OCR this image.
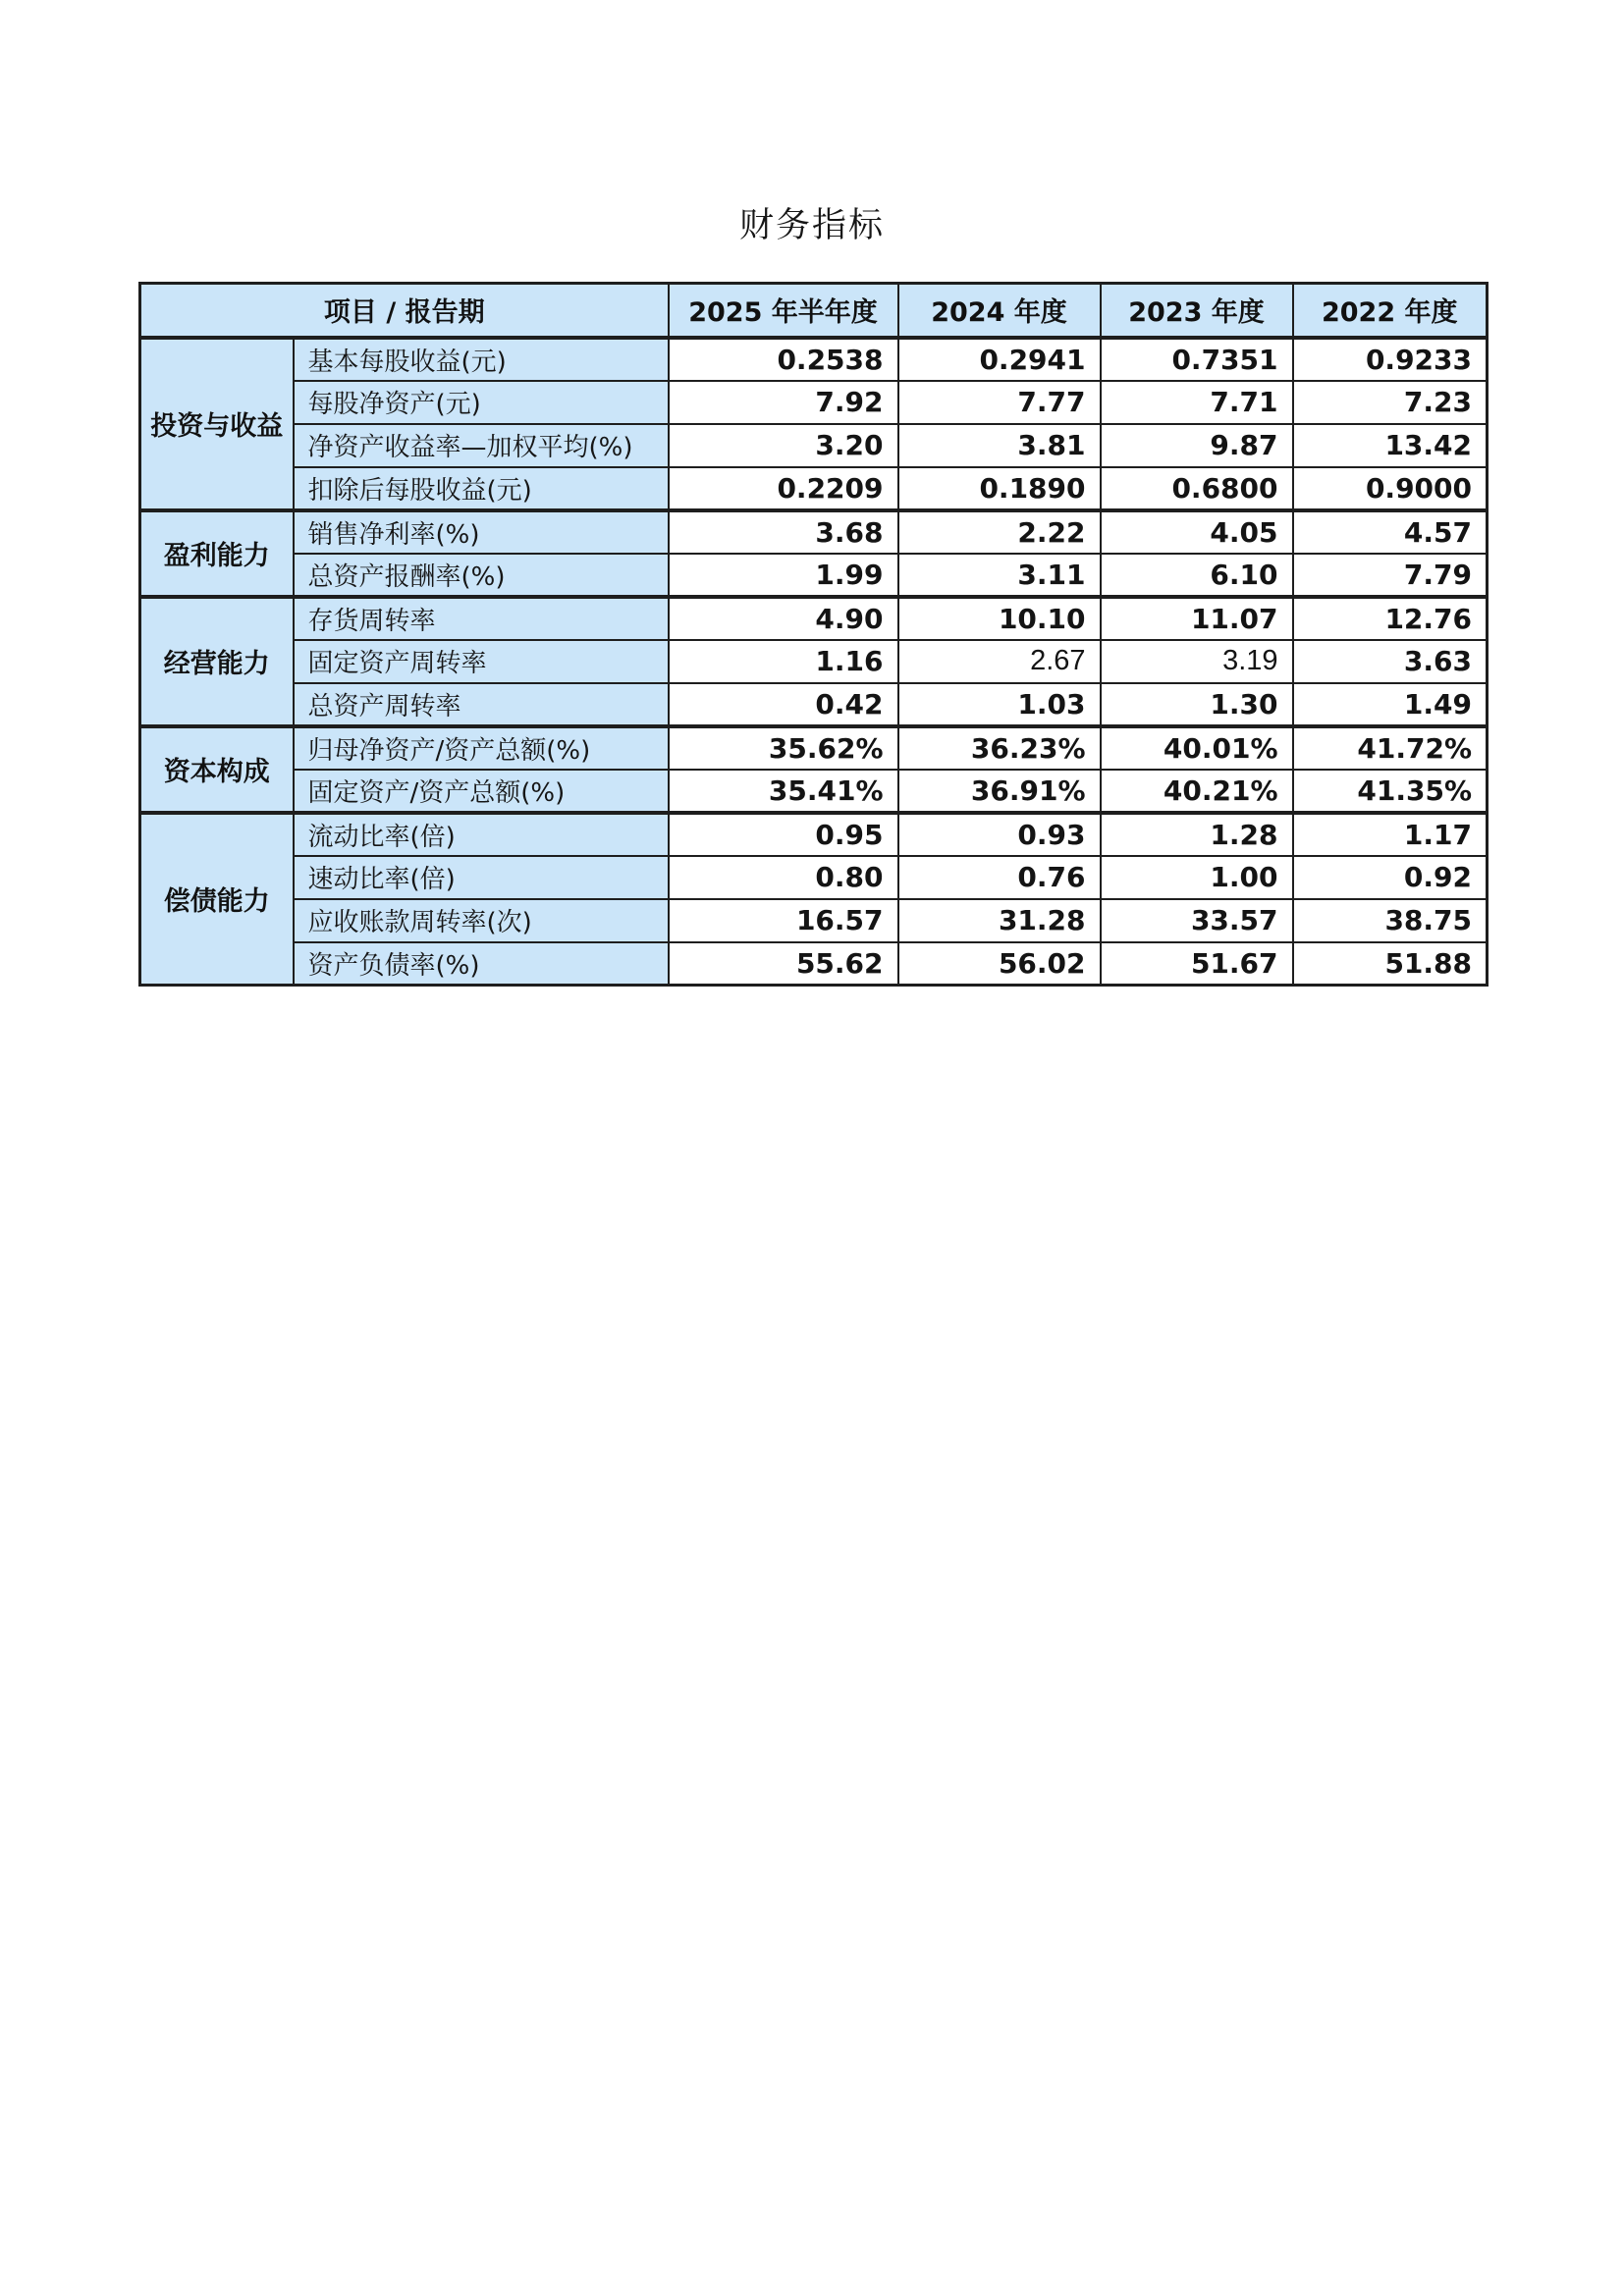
财务指标
项目 / 报告期		2025 年半年度	2024 年度	2023 年度	2022 年度
投资与收益	基本每股收益(元)	0.2538	0.2941	0.7351	0.9233
	每股净资产(元)	7.92	7.77	7.71	7.23
	净资产收益率—加权平均(%)	3.20	3.81	9.87	13.42
	扣除后每股收益(元)	0.2209	0.1890	0.6800	0.9000
盈利能力	销售净利率(%)	3.68	2.22	4.05	4.57
	总资产报酬率(%)	1.99	3.11	6.10	7.79
经营能力	存货周转率	4.90	10.10	11.07	12.76
	固定资产周转率	1.16	2.67	3.19	3.63
	总资产周转率	0.42	1.03	1.30	1.49
资本构成	归母净资产/资产总额(%)	35.62%	36.23%	40.01%	41.72%
	固定资产/资产总额(%)	35.41%	36.91%	40.21%	41.35%
偿债能力	流动比率(倍)	0.95	0.93	1.28	1.17
	速动比率(倍)	0.80	0.76	1.00	0.92
	应收账款周转率(次)	16.57	31.28	33.57	38.75
	资产负债率(%)	55.62	56.02	51.67	51.88
